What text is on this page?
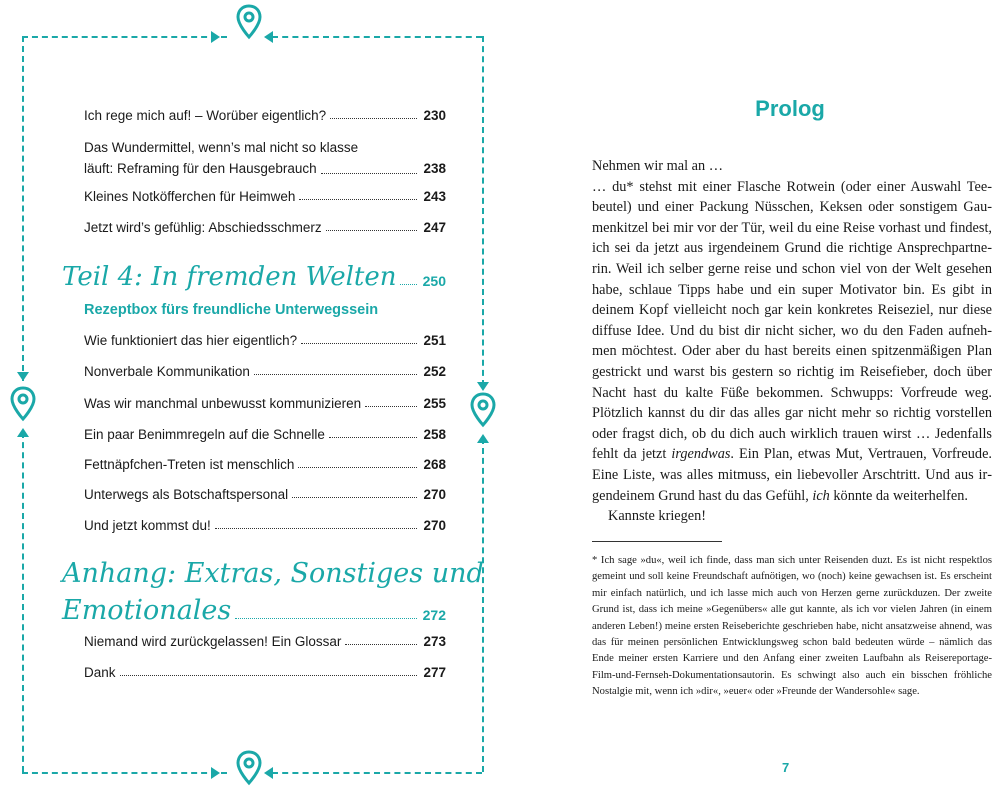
Ich rege mich auf! – Worüber eigentlich?	230
Das Wundermittel, wenn’s mal nicht so klasse
läuft: Reframing für den Hausgebrauch	238
Kleines Notköfferchen für Heimweh	243
Jetzt wird’s gefühlig: Abschiedsschmerz	247
Teil 4: In fremden Welten 250
Rezeptbox fürs freundliche Unterwegssein
Wie funktioniert das hier eigentlich?	251
Nonverbale Kommunikation	252
Was wir manchmal unbewusst kommunizieren	255
Ein paar Benimmregeln auf die Schnelle	258
Fettnäpfchen-Treten ist menschlich	268
Unterwegs als Botschaftspersonal	270
Und jetzt kommst du!	270
Anhang: Extras, Sonstiges und
Emotionales	272
Niemand wird zurückgelassen! Ein Glossar	273
Dank	277
Prolog

Nehmen wir mal an …

… du* stehst mit einer Flasche Rotwein (oder einer Auswahl Teebeutel) und einer Packung Nüsschen, Keksen oder sonstigem Gaumenkitzel bei mir vor der Tür, weil du eine Reise vorhast und findest, ich sei da jetzt aus irgendeinem Grund die richtige Ansprechpartnerin. Weil ich selber gerne reise und schon viel von der Welt gesehen habe, schlaue Tipps habe und ein super Motivator bin. Es gibt in deinem Kopf vielleicht noch gar kein konkretes Reiseziel, nur diese diffuse Idee. Und du bist dir nicht sicher, wo du den Faden aufnehmen möchtest. Oder aber du hast bereits einen spitzenmäßigen Plan gestrickt und warst bis gestern so richtig im Reisefieber, doch über Nacht hast du kalte Füße bekommen. Schwupps: Vorfreude weg. Plötzlich kannst du dir das alles gar nicht mehr so richtig vorstellen oder fragst dich, ob du dich auch wirklich trauen wirst … Jedenfalls fehlt da jetzt irgendwas. Ein Plan, etwas Mut, Vertrauen, Vorfreude. Eine Liste, was alles mitmuss, ein liebevoller Arschtritt. Und aus irgendeinem Grund hast du das Gefühl, ich könnte da weiterhelfen.

Kannste kriegen!

* Ich sage »du«, weil ich finde, dass man sich unter Reisenden duzt. Es ist nicht respektlos gemeint und soll keine Freundschaft aufnötigen, wo (noch) keine gewachsen ist. Es erscheint mir einfach natürlich, und ich lasse mich auch von Herzen gerne zurückduzen. Der zweite Grund ist, dass ich meine »Gegenübers« alle gut kannte, als ich vor vielen Jahren (in einem anderen Leben!) meine ersten Reiseberichte geschrieben habe, nicht ansatzweise ahnend, was das für meinen persönlichen Entwicklungsweg schon bald bedeuten würde – nämlich das Ende meiner ersten Karriere und den Anfang einer zweiten Laufbahn als Reisereportage-Film-und-Fernseh-Dokumentationsautorin. Es schwingt also auch ein bisschen fröhliche Nostalgie mit, wenn ich »dir«, »euer« oder »Freunde der Wandersohle« sage.
7
